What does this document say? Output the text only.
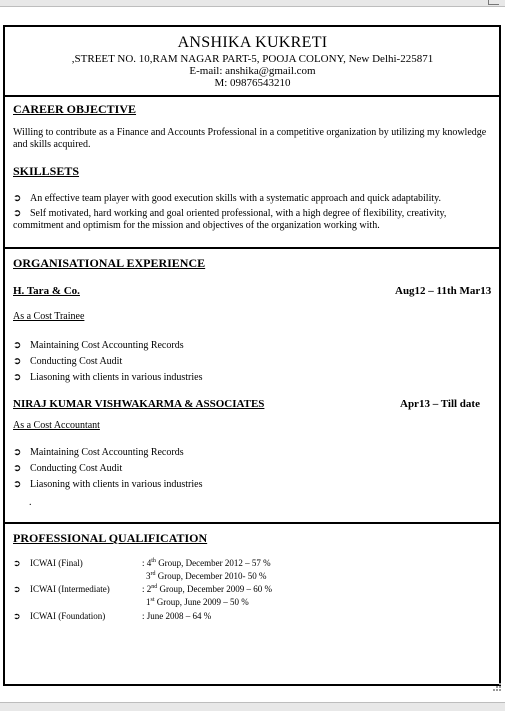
ANSHIKA KUKRETI
,STREET NO. 10,RAM NAGAR PART-5, POOJA COLONY, New Delhi-225871
E-mail: anshika@gmail.com
M: 09876543210
CAREER OBJECTIVE
Willing to contribute as a Finance and Accounts Professional in a competitive organization by utilizing my knowledge and skills acquired.
SKILLSETS
➲ An effective team player with good execution skills with a systematic approach and quick adaptability.
➲ Self motivated, hard working and goal oriented professional, with a high degree of flexibility, creativity, commitment and optimism for the mission and objectives of the organization working with.
ORGANISATIONAL EXPERIENCE
H. Tara & Co.	Aug12 – 11th Mar13
As a Cost Trainee
➲ Maintaining Cost Accounting Records
➲ Conducting Cost Audit
➲ Liasoning with clients in various industries
NIRAJ KUMAR VISHWAKARMA & ASSOCIATES	Apr13 – Till date
As a Cost Accountant
➲ Maintaining Cost Accounting Records
➲ Conducting Cost Audit
➲ Liasoning with clients in various industries
.
PROFESSIONAL QUALIFICATION
➲ ICWAI (Final)	: 4th Group, December 2012 – 57 %
3rd Group, December 2010- 50 %
➲ ICWAI (Intermediate)	: 2nd Group, December 2009 – 60 %
1st Group, June 2009 – 50 %
➲ ICWAI (Foundation)	: June 2008 – 64 %
